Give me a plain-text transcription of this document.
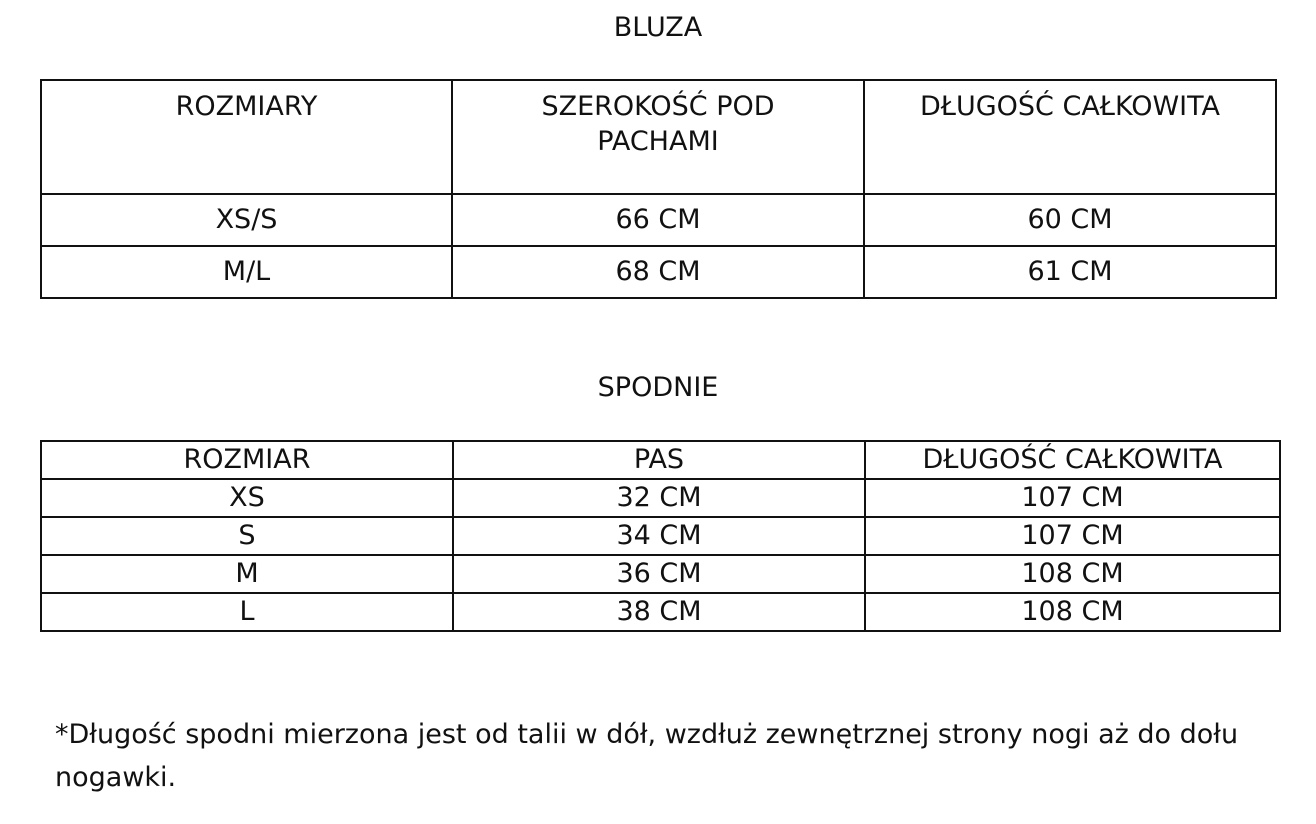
BLUZA
ROZMIARY	SZEROKOŚĆ POD PACHAMI	DŁUGOŚĆ CAŁKOWITA
XS/S	66 CM	60 CM
M/L	68 CM	61 CM
SPODNIE
ROZMIAR	PAS	DŁUGOŚĆ CAŁKOWITA
XS	32 CM	107 CM
S	34 CM	107 CM
M	36 CM	108 CM
L	38 CM	108 CM
*Długość spodni mierzona jest od talii w dół, wzdłuż zewnętrznej strony nogi aż do dołu nogawki.
